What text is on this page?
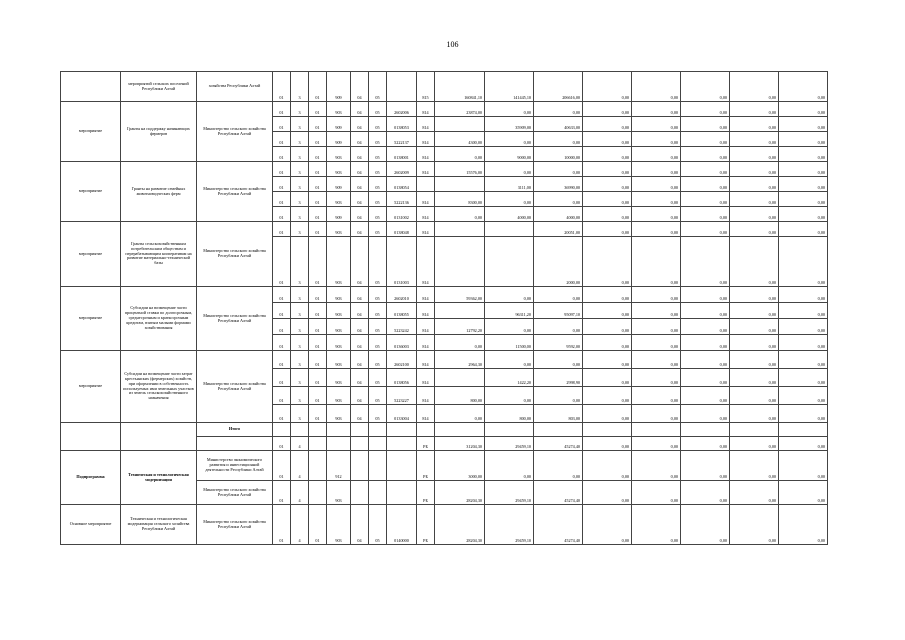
106
	мероприятий сельских поселений Республики Алтай	хозяйства Республики Алтай	01	3	01	909	04	05		815	160841,10	141445,10	206616,00	0,00	0,00	0,00	0,00	0,00
мероприятие	Гранты на поддержку начинающих фермеров	Министерство сельского хозяйства Республики Алтай	01	3	01	903	04	05	2602006	814	23874,00	0,00	0,00	0,00	0,00	0,00	0,00	0,00
			01	3	01	909	04	05	0138053	814		35909,00	40633,00	0,00	0,00	0,00	0,00	0,00
			01	3	01	909	04	05	5222137	814	4300,00	0,00	0,00	0,00	0,00	0,00	0,00	0,00
			01	3	01	903	04	05	0138001	814	0,00	9000,00	10000,00	0,00	0,00	0,00	0,00	0,00
мероприятие	Гранты на развитие семейных животноводческих ферм	Министерство сельского хозяйства Республики Алтай	01	3	01	903	04	05	2602009	814	15576,00	0,00	0,00	0,00	0,00	0,00	0,00	0,00
			01	3	01	909	04	05	0138054			3111,00	36990,00	0,00	0,00	0,00	0,00	0,00
			01	3	01	903	04	05	5222136	814	8300,00	0,00	0,00	0,00	0,00	0,00	0,00	0,00
			01	3	01	909	04	05	0131002	814	0,00	4000,00	4000,00	0,00	0,00	0,00	0,00	0,00
мероприятие	Гранты сельскохозяйственным потребительским обществам и перерабатывающим кооперативам на развитие материально-технической базы	Министерство сельского хозяйства Республики Алтай	01	3	01	903	04	05	0138048	814			20051,00	0,00	0,00	0,00	0,00	0,00
			01	3	01	903	04	05	0131003	814			2000,00	0,00	0,00	0,00	0,00	0,00
мероприятие	Субсидии на возмещение части процентной ставки по долгосрочным, среднесрочным и краткосрочным кредитам, взятым малыми формами хозяйствования	Министерство сельского хозяйства Республики Алтай	01	3	01	903	04	05	2602010	814	59362,00	0,00	0,00	0,00	0,00	0,00	0,00	0,00
			01	3	01	903	04	05	0138055	814		96311,20	95097,10	0,00	0,00	0,00	0,00	0,00
			01	3	01	903	04	05	5223242	814	12792,20	0,00	0,00	0,00	0,00	0,00	0,00	0,00
			01	3	01	903	04	05	0136003	814	0,00	11500,00	9592,00	0,00	0,00	0,00	0,00	0,00
мероприятие	Субсидии на возмещение части затрат крестьянских (фермерских) хозяйств, при оформлении в собственность используемых ими земельных участков из земель сельскохозяйственного назначения	Министерство сельского хозяйства Республики Алтай	01	3	01	903	04	05	2602100	814	2964,30	0,00	0,00	0,00	0,00	0,00	0,00	0,00
			01	3	01	903	04	05	0138056	814		1422,20	2998,90	0,00	0,00	0,00	0,00	0,00
			01	3	01	903	04	05	5223227	814	800,00	0,00	0,00	0,00	0,00	0,00	0,00	0,00
			01	3	01	903	04	05	0133004	814	0,00	800,00	803,00	0,00	0,00	0,00	0,00	0,00
		Итого																
			01	4						РБ	31204,30	29459,10	45274,40	0,00	0,00	0,00	0,00	0,00
Подпрограмма	Техническая и технологическая модернизация	Министерство экономического развития и инвестиционной деятельности Республики Алтай	01	4		912				РБ	3000,00	0,00	0,00	0,00	0,00	0,00	0,00	0,00
		Министерство сельского хозяйства Республики Алтай	01	4		903				РБ	28204,30	29459,10	45274,40	0,00	0,00	0,00	0,00	0,00
Основное мероприятие	Техническая и технологическая модернизация сельского хозяйства Республики Алтай	Министерство сельского хозяйства Республики Алтай	01	4	01	903	04	05	0140000	РБ	28204,30	29459,10	45274,40	0,00	0,00	0,00	0,00	0,00
